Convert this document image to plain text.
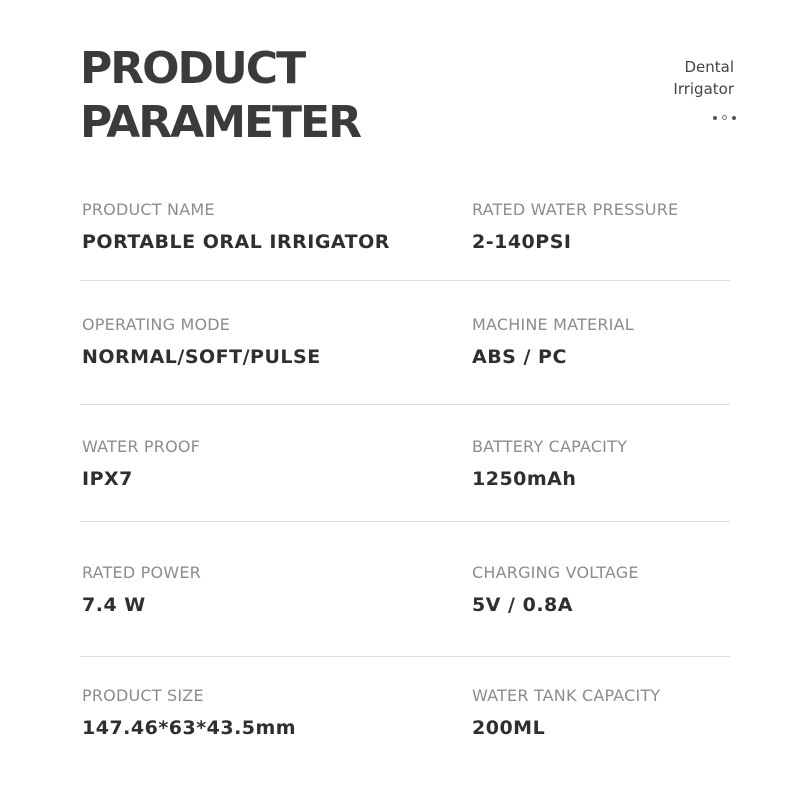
PRODUCT
PARAMETER
Dental
Irrigator
PRODUCT NAME
PORTABLE ORAL IRRIGATOR
RATED WATER PRESSURE
2-140PSI
OPERATING MODE
NORMAL/SOFT/PULSE
MACHINE MATERIAL
ABS / PC
WATER PROOF
IPX7
BATTERY CAPACITY
1250mAh
RATED POWER
7.4 W
CHARGING VOLTAGE
5V / 0.8A
PRODUCT SIZE
147.46*63*43.5mm
WATER TANK CAPACITY
200ML
